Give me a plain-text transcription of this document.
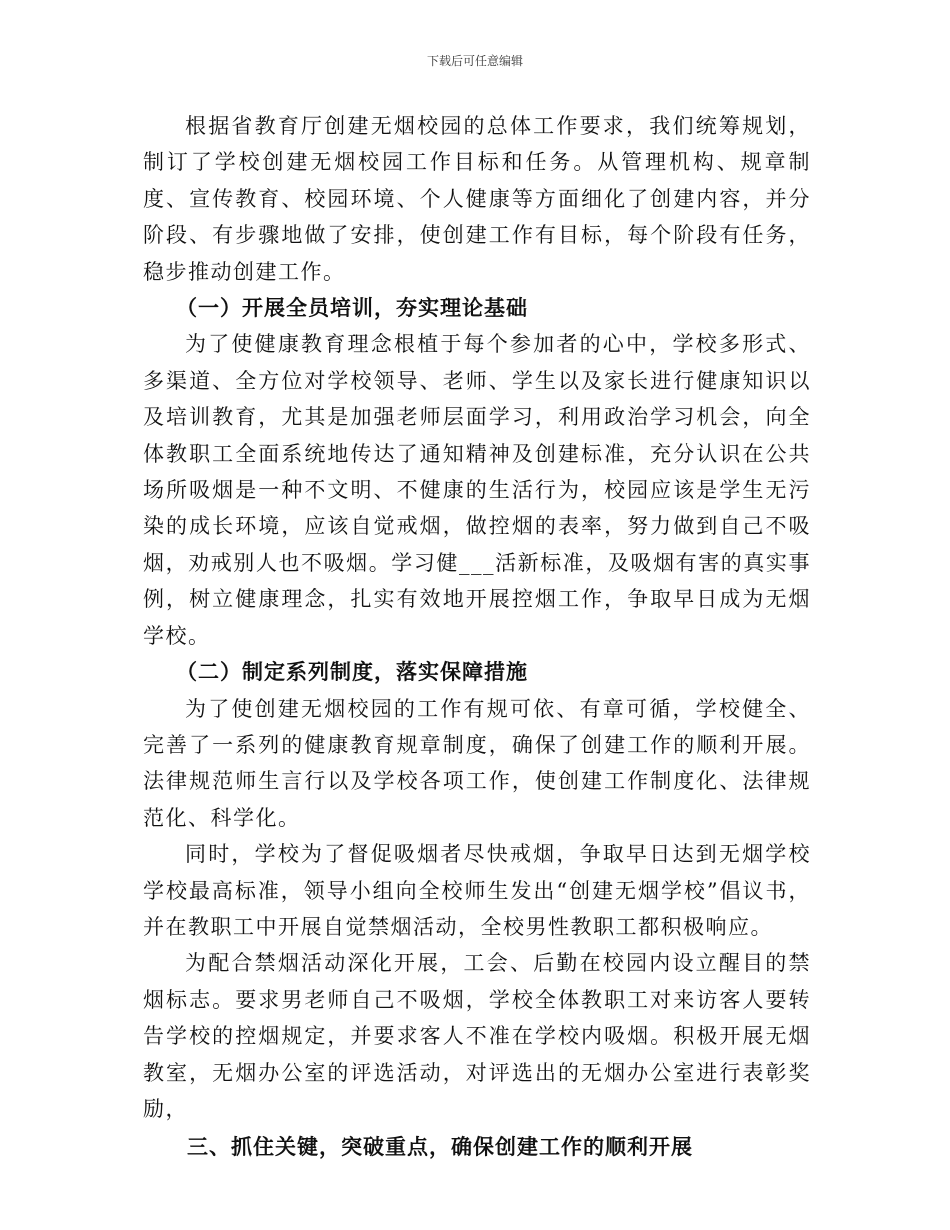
下载后可任意编辑

根据省教育厅创建无烟校园的总体工作要求，我们统筹规划，制订了学校创建无烟校园工作目标和任务。从管理机构、规章制度、宣传教育、校园环境、个人健康等方面细化了创建内容，并分阶段、有步骤地做了安排，使创建工作有目标，每个阶段有任务，稳步推动创建工作。

（一）开展全员培训，夯实理论基础

为了使健康教育理念根植于每个参加者的心中，学校多形式、多渠道、全方位对学校领导、老师、学生以及家长进行健康知识以及培训教育，尤其是加强老师层面学习，利用政治学习机会，向全体教职工全面系统地传达了通知精神及创建标准，充分认识在公共场所吸烟是一种不文明、不健康的生活行为，校园应该是学生无污染的成长环境，应该自觉戒烟，做控烟的表率，努力做到自己不吸烟，劝戒别人也不吸烟。学习健___活新标准，及吸烟有害的真实事例，树立健康理念，扎实有效地开展控烟工作，争取早日成为无烟学校。

（二）制定系列制度，落实保障措施

为了使创建无烟校园的工作有规可依、有章可循，学校健全、完善了一系列的健康教育规章制度，确保了创建工作的顺利开展。法律规范师生言行以及学校各项工作，使创建工作制度化、法律规范化、科学化。

同时，学校为了督促吸烟者尽快戒烟，争取早日达到无烟学校学校最高标准，领导小组向全校师生发出“创建无烟学校”倡议书，并在教职工中开展自觉禁烟活动，全校男性教职工都积极响应。

为配合禁烟活动深化开展，工会、后勤在校园内设立醒目的禁烟标志。要求男老师自己不吸烟，学校全体教职工对来访客人要转告学校的控烟规定，并要求客人不准在学校内吸烟。积极开展无烟教室，无烟办公室的评选活动，对评选出的无烟办公室进行表彰奖励，

三、抓住关键，突破重点，确保创建工作的顺利开展
